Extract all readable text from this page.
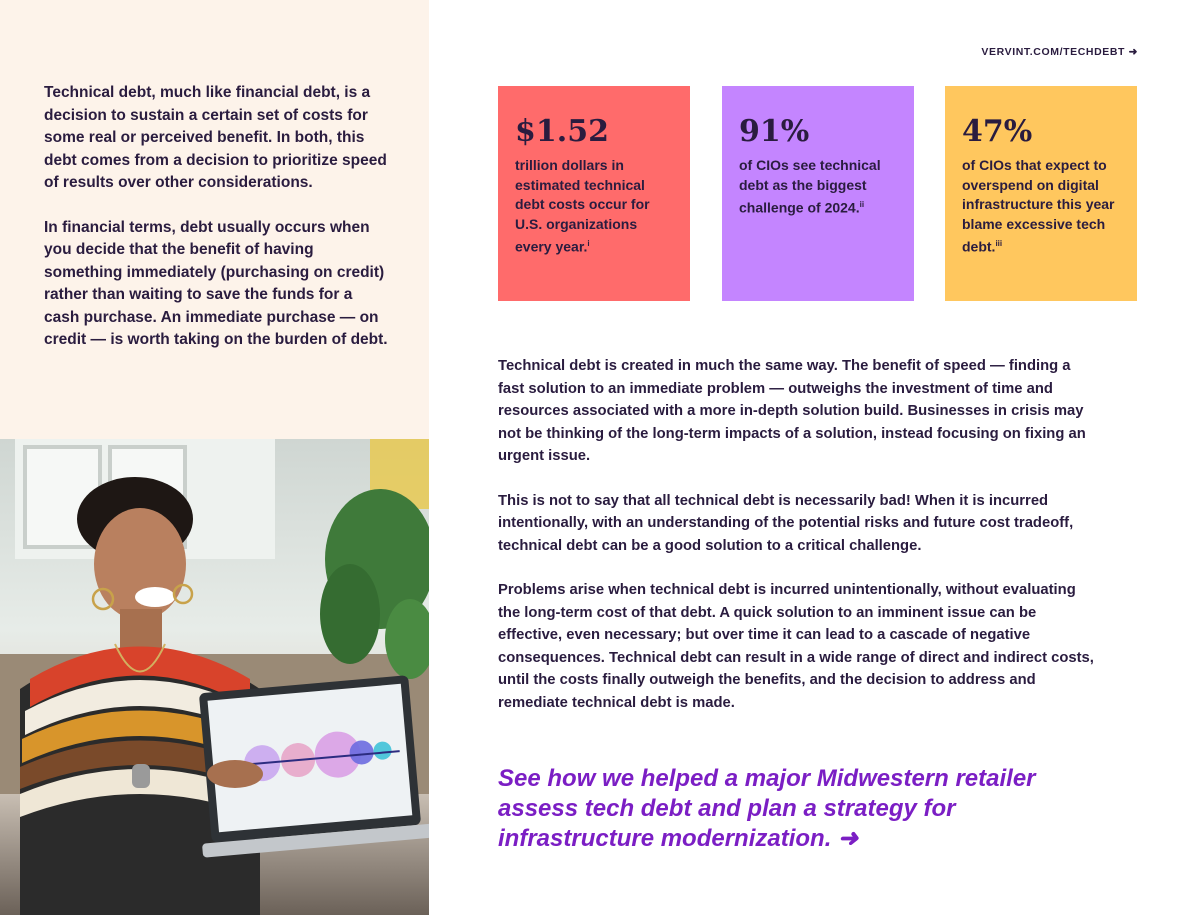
Technical debt, much like financial debt, is a decision to sustain a certain set of costs for some real or perceived benefit. In both, this debt comes from a decision to prioritize speed of results over other considerations.

In financial terms, debt usually occurs when you decide that the benefit of having something immediately (purchasing on credit) rather than waiting to save the funds for a cash purchase. An immediate purchase — on credit — is worth taking on the burden of debt.

VERVINT.COM/TECHDEBT ➜
$1.52
trillion dollars in estimated technical debt costs occur for U.S. organizations every year.$^i$
91%
of CIOs see technical debt as the biggest challenge of 2024.$^{ii}$
47%
of CIOs that expect to overspend on digital infrastructure this year blame excessive tech debt.$^{iii}$

Technical debt is created in much the same way. The benefit of speed — finding a fast solution to an immediate problem — outweighs the investment of time and resources associated with a more in-depth solution build. Businesses in crisis may not be thinking of the long-term impacts of a solution, instead focusing on fixing an urgent issue.

This is not to say that all technical debt is necessarily bad! When it is incurred intentionally, with an understanding of the potential risks and future cost tradeoff, technical debt can be a good solution to a critical challenge.

Problems arise when technical debt is incurred unintentionally, without evaluating the long-term cost of that debt. A quick solution to an imminent issue can be effective, even necessary; but over time it can lead to a cascade of negative consequences. Technical debt can result in a wide range of direct and indirect costs, until the costs finally outweigh the benefits, and the decision to address and remediate technical debt is made.

See how we helped a major Midwestern retailer assess tech debt and plan a strategy for infrastructure modernization. ➜
